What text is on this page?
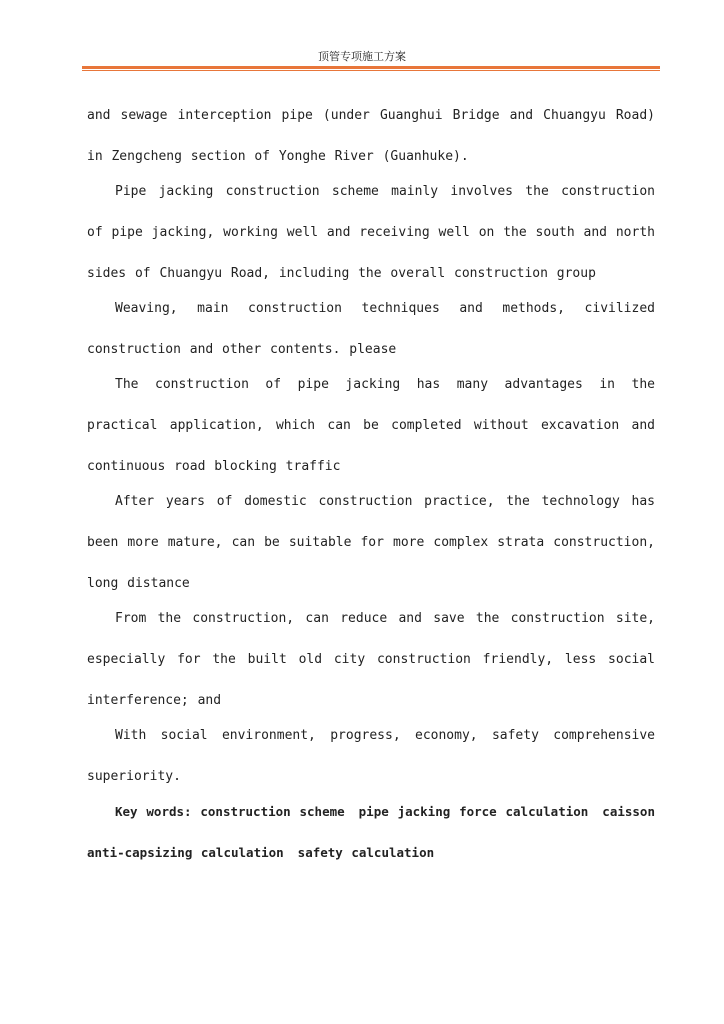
顶管专项施工方案

and sewage interception pipe (under Guanghui Bridge and Chuangyu Road) in Zengcheng section of Yonghe River (Guanhuke).

Pipe jacking construction scheme mainly involves the construction of pipe jacking, working well and receiving well on the south and north sides of Chuangyu Road, including the overall construction group

Weaving, main construction techniques and methods, civilized construction and other contents. please

The construction of pipe jacking has many advantages in the practical application, which can be completed without excavation and continuous road blocking traffic

After years of domestic construction practice, the technology has been more mature, can be suitable for more complex strata construction, long distance

From the construction, can reduce and save the construction site, especially for the built old city construction friendly, less social interference; and

With social environment, progress, economy, safety comprehensive superiority.

Key words: construction scheme pipe jacking force calculation caisson anti-capsizing calculation safety calculation
